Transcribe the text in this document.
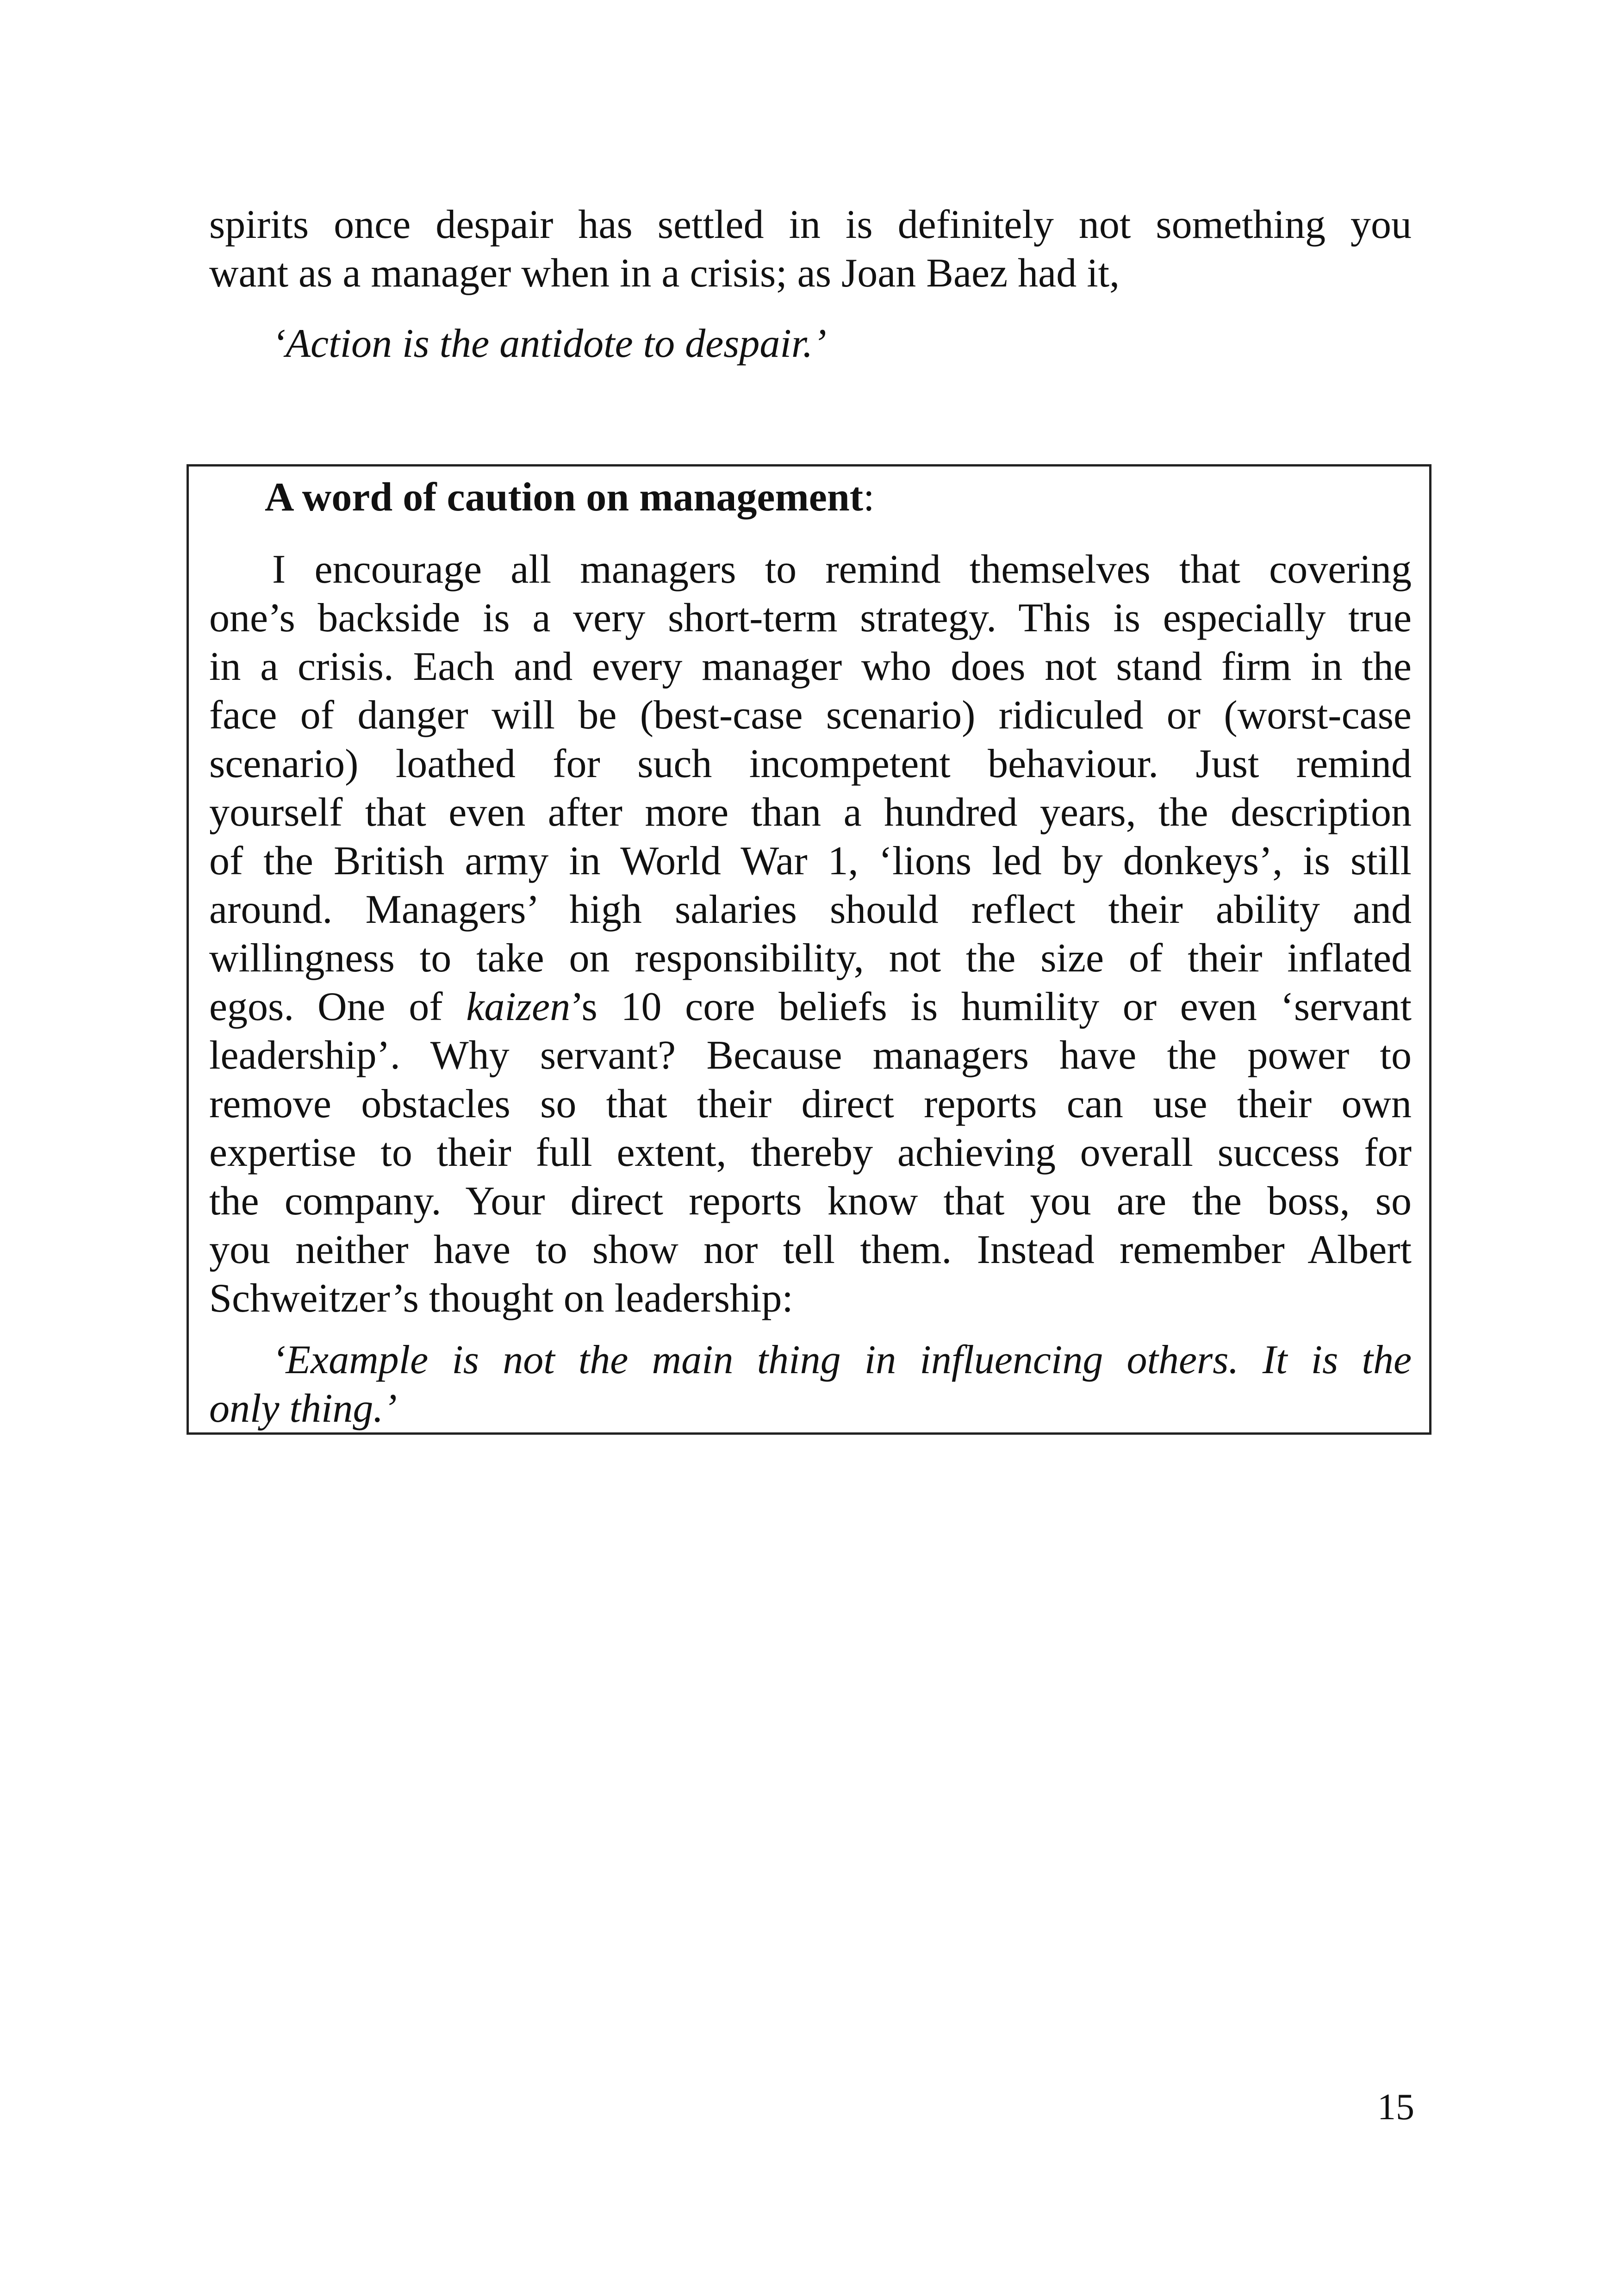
spirits once despair has settled in is definitely not something you
want as a manager when in a crisis; as Joan Baez had it,
‘Action is the antidote to despair.’
A word of caution on management:
I encourage all managers to remind themselves that covering
one’s backside is a very short-term strategy. This is especially true
in a crisis. Each and every manager who does not stand firm in the
face of danger will be (best-case scenario) ridiculed or (worst-case
scenario) loathed for such incompetent behaviour. Just remind
yourself that even after more than a hundred years, the description
of the British army in World War 1, ‘lions led by donkeys’, is still
around. Managers’ high salaries should reflect their ability and
willingness to take on responsibility, not the size of their inflated
egos. One of kaizen’s 10 core beliefs is humility or even ‘servant
leadership’. Why servant? Because managers have the power to
remove obstacles so that their direct reports can use their own
expertise to their full extent, thereby achieving overall success for
the company. Your direct reports know that you are the boss, so
you neither have to show nor tell them. Instead remember Albert
Schweitzer’s thought on leadership:
‘Example is not the main thing in influencing others. It is the
only thing.’
15
